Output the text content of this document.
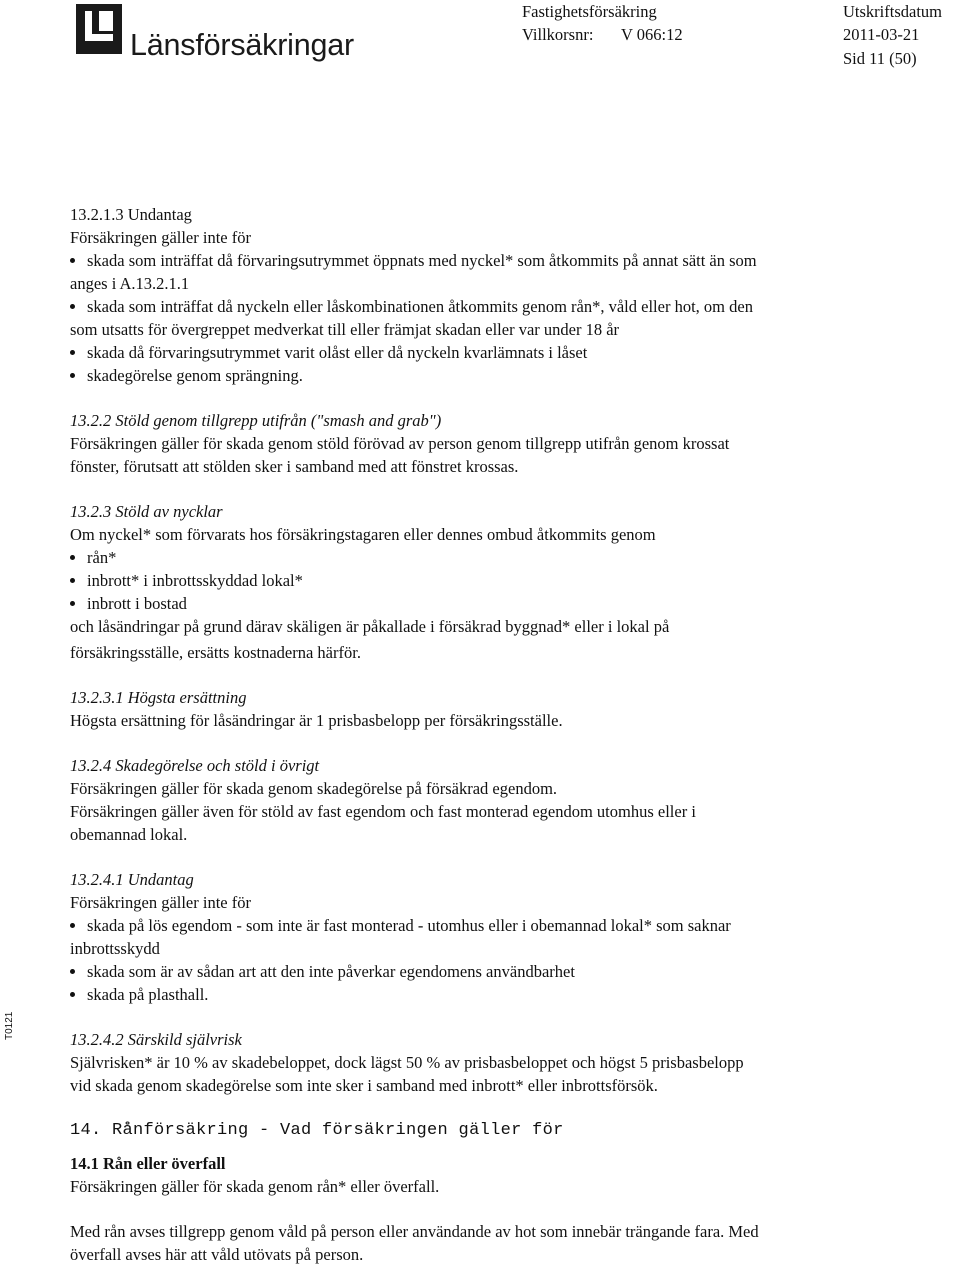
Länsförsäkringar
Fastighetsförsäkring
Villkorsnr: V 066:12
Utskriftsdatum
2011-03-21
Sid 11 (50)
13.2.1.3 Undantag
Försäkringen gäller inte för
skada som inträffat då förvaringsutrymmet öppnats med nyckel* som åtkommits på annat sätt än som
anges i A.13.2.1.1
skada som inträffat då nyckeln eller låskombinationen åtkommits genom rån*, våld eller hot, om den
som utsatts för övergreppet medverkat till eller främjat skadan eller var under 18 år
skada då förvaringsutrymmet varit olåst eller då nyckeln kvarlämnats i låset
skadegörelse genom sprängning.
13.2.2 Stöld genom tillgrepp utifrån ("smash and grab")
Försäkringen gäller för skada genom stöld förövad av person genom tillgrepp utifrån genom krossat
fönster, förutsatt att stölden sker i samband med att fönstret krossas.
13.2.3 Stöld av nycklar
Om nyckel* som förvarats hos försäkringstagaren eller dennes ombud åtkommits genom
rån*
inbrott* i inbrottsskyddad lokal*
inbrott i bostad
och låsändringar på grund därav skäligen är påkallade i försäkrad byggnad* eller i lokal på
försäkringsställe, ersätts kostnaderna härför.
13.2.3.1 Högsta ersättning
Högsta ersättning för låsändringar är 1 prisbasbelopp per försäkringsställe.
13.2.4 Skadegörelse och stöld i övrigt
Försäkringen gäller för skada genom skadegörelse på försäkrad egendom.
Försäkringen gäller även för stöld av fast egendom och fast monterad egendom utomhus eller i
obemannad lokal.
13.2.4.1 Undantag
Försäkringen gäller inte för
skada på lös egendom - som inte är fast monterad - utomhus eller i obemannad lokal* som saknar
inbrottsskydd
skada som är av sådan art att den inte påverkar egendomens användbarhet
skada på plasthall.
13.2.4.2 Särskild självrisk
Självrisken* är 10 % av skadebeloppet, dock lägst 50 % av prisbasbeloppet och högst 5 prisbasbelopp
vid skada genom skadegörelse som inte sker i samband med inbrott* eller inbrottsförsök.
14. Rånförsäkring - Vad försäkringen gäller för
14.1 Rån eller överfall
Försäkringen gäller för skada genom rån* eller överfall.
Med rån avses tillgrepp genom våld på person eller användande av hot som innebär trängande fara. Med
överfall avses här att våld utövats på person.
T0121
